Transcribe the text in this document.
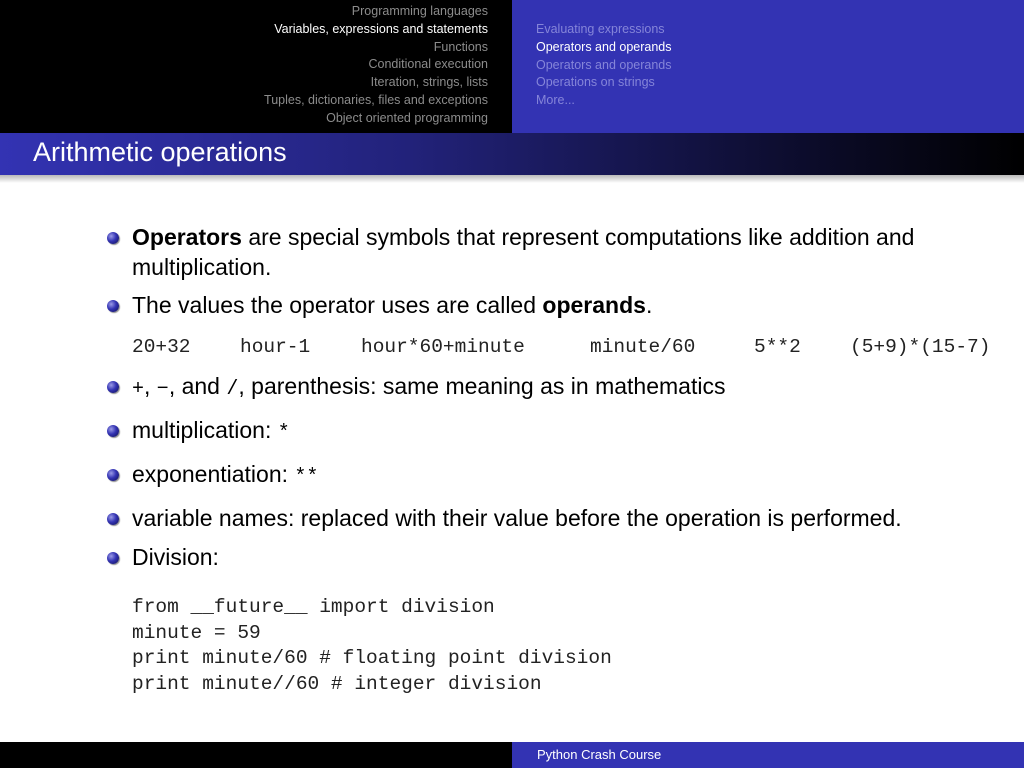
Programming languages
Variables, expressions and statements
Functions
Conditional execution
Iteration, strings, lists
Tuples, dictionaries, files and exceptions
Object oriented programming
Evaluating expressions
Operators and operands
Operators and operands
Operations on strings
More...
Arithmetic operations
Operators are special symbols that represent computations like addition and multiplication.
The values the operator uses are called operands.
20+32	hour-1	hour*60+minute	minute/60	5**2	(5+9)*(15-7)
+, −, and /, parenthesis: same meaning as in mathematics
multiplication: *
exponentiation: **
variable names: replaced with their value before the operation is performed.
Division:
from __future__ import division
minute = 59
print minute/60 # floating point division
print minute//60 # integer division
Python Crash Course
